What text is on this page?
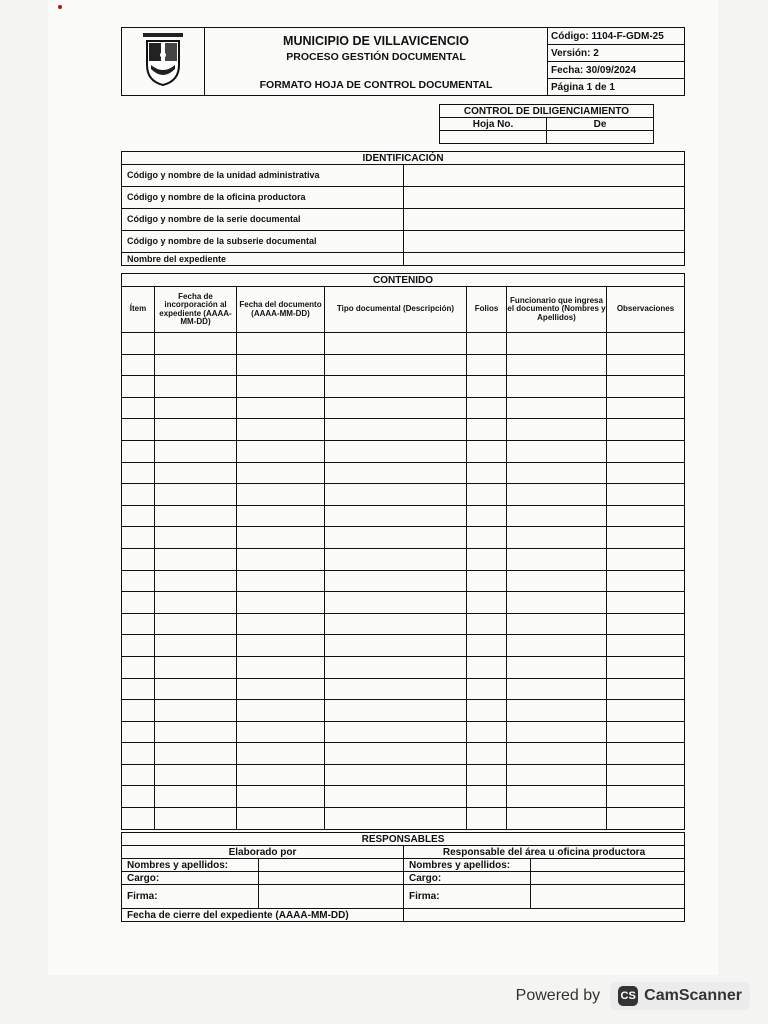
MUNICIPIO DE VILLAVICENCIO
PROCESO GESTIÓN DOCUMENTAL
FORMATO HOJA DE CONTROL DOCUMENTAL
	Código: 1104-F-GDM-25
Versión: 2
Fecha: 30/09/2024
Página 1 de 1
CONTROL DE DILIGENCIAMIENTO	
Hoja No.	De

IDENTIFICACIÓN	
Código y nombre de la unidad administrativa	
Código y nombre de la oficina productora	
Código y nombre de la serie documental	
Código y nombre de la subserie documental	
Nombre del expediente	
CONTENIDO						
Ítem	Fecha de incorporación al expediente (AAAA-MM-DD)	Fecha del documento (AAAA-MM-DD)	Tipo documental (Descripción)	Folios	Funcionario que ingresa el documento (Nombres y Apellidos)	Observaciones

RESPONSABLES			
Elaborado por		Responsable del área u oficina productora	
Nombres y apellidos:		Nombres y apellidos:	
Cargo:		Cargo:	
Firma:		Firma:	
Fecha de cierre del expediente (AAAA-MM-DD)			
Powered by CS CamScanner
